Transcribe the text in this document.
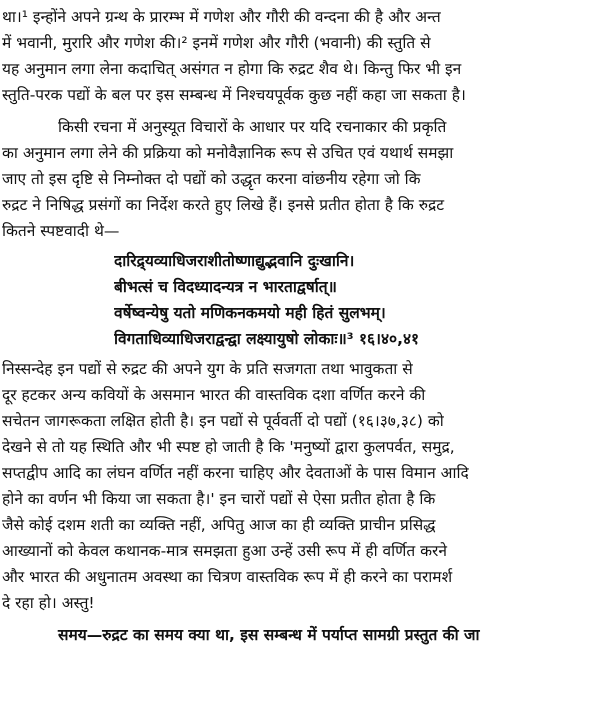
था।¹ इन्होंने अपने ग्रन्थ के प्रारम्भ में गणेश और गौरी की वन्दना की है और अन्त
में भवानी, मुरारि और गणेश की।² इनमें गणेश और गौरी (भवानी) की स्तुति से
यह अनुमान लगा लेना कदाचित् असंगत न होगा कि रुद्रट शैव थे। किन्तु फिर भी इन
स्तुति-परक पद्यों के बल पर इस सम्बन्ध में निश्चयपूर्वक कुछ नहीं कहा जा सकता है।
किसी रचना में अनुस्यूत विचारों के आधार पर यदि रचनाकार की प्रकृति
का अनुमान लगा लेने की प्रक्रिया को मनोवैज्ञानिक रूप से उचित एवं यथार्थ समझा
जाए तो इस दृष्टि से निम्नोक्त दो पद्यों को उद्धृत करना वांछनीय रहेगा जो कि
रुद्रट ने निषिद्ध प्रसंगों का निर्देश करते हुए लिखे हैं। इनसे प्रतीत होता है कि रुद्रट
कितने स्पष्टवादी थे—
दारिद्र्यव्याधिजराशीतोष्णाद्युद्भवानि दुःखानि।
बीभत्सं च विदध्यादन्यत्र न भारताद्वर्षात्॥
वर्षेष्वन्येषु यतो मणिकनकमयो मही हितं सुलभम्।
विगताधिव्याधिजराद्वन्द्वा लक्ष्यायुषो लोकाः॥³ १६।४०,४१
निस्सन्देह इन पद्यों से रुद्रट की अपने युग के प्रति सजगता तथा भावुकता से
दूर हटकर अन्य कवियों के असमान भारत की वास्तविक दशा वर्णित करने की
सचेतन जागरूकता लक्षित होती है। इन पद्यों से पूर्ववर्ती दो पद्यों (१६।३७,३८) को
देखने से तो यह स्थिति और भी स्पष्ट हो जाती है कि 'मनुष्यों द्वारा कुलपर्वत, समुद्र,
सप्तद्वीप आदि का लंघन वर्णित नहीं करना चाहिए और देवताओं के पास विमान आदि
होने का वर्णन भी किया जा सकता है।' इन चारों पद्यों से ऐसा प्रतीत होता है कि
जैसे कोई दशम शती का व्यक्ति नहीं, अपितु आज का ही व्यक्ति प्राचीन प्रसिद्ध
आख्यानों को केवल कथानक-मात्र समझता हुआ उन्हें उसी रूप में ही वर्णित करने
और भारत की अधुनातम अवस्था का चित्रण वास्तविक रूप में ही करने का परामर्श
दे रहा हो। अस्तु!
समय—रुद्रट का समय क्या था, इस सम्बन्ध में पर्याप्त सामग्री प्रस्तुत की जा
